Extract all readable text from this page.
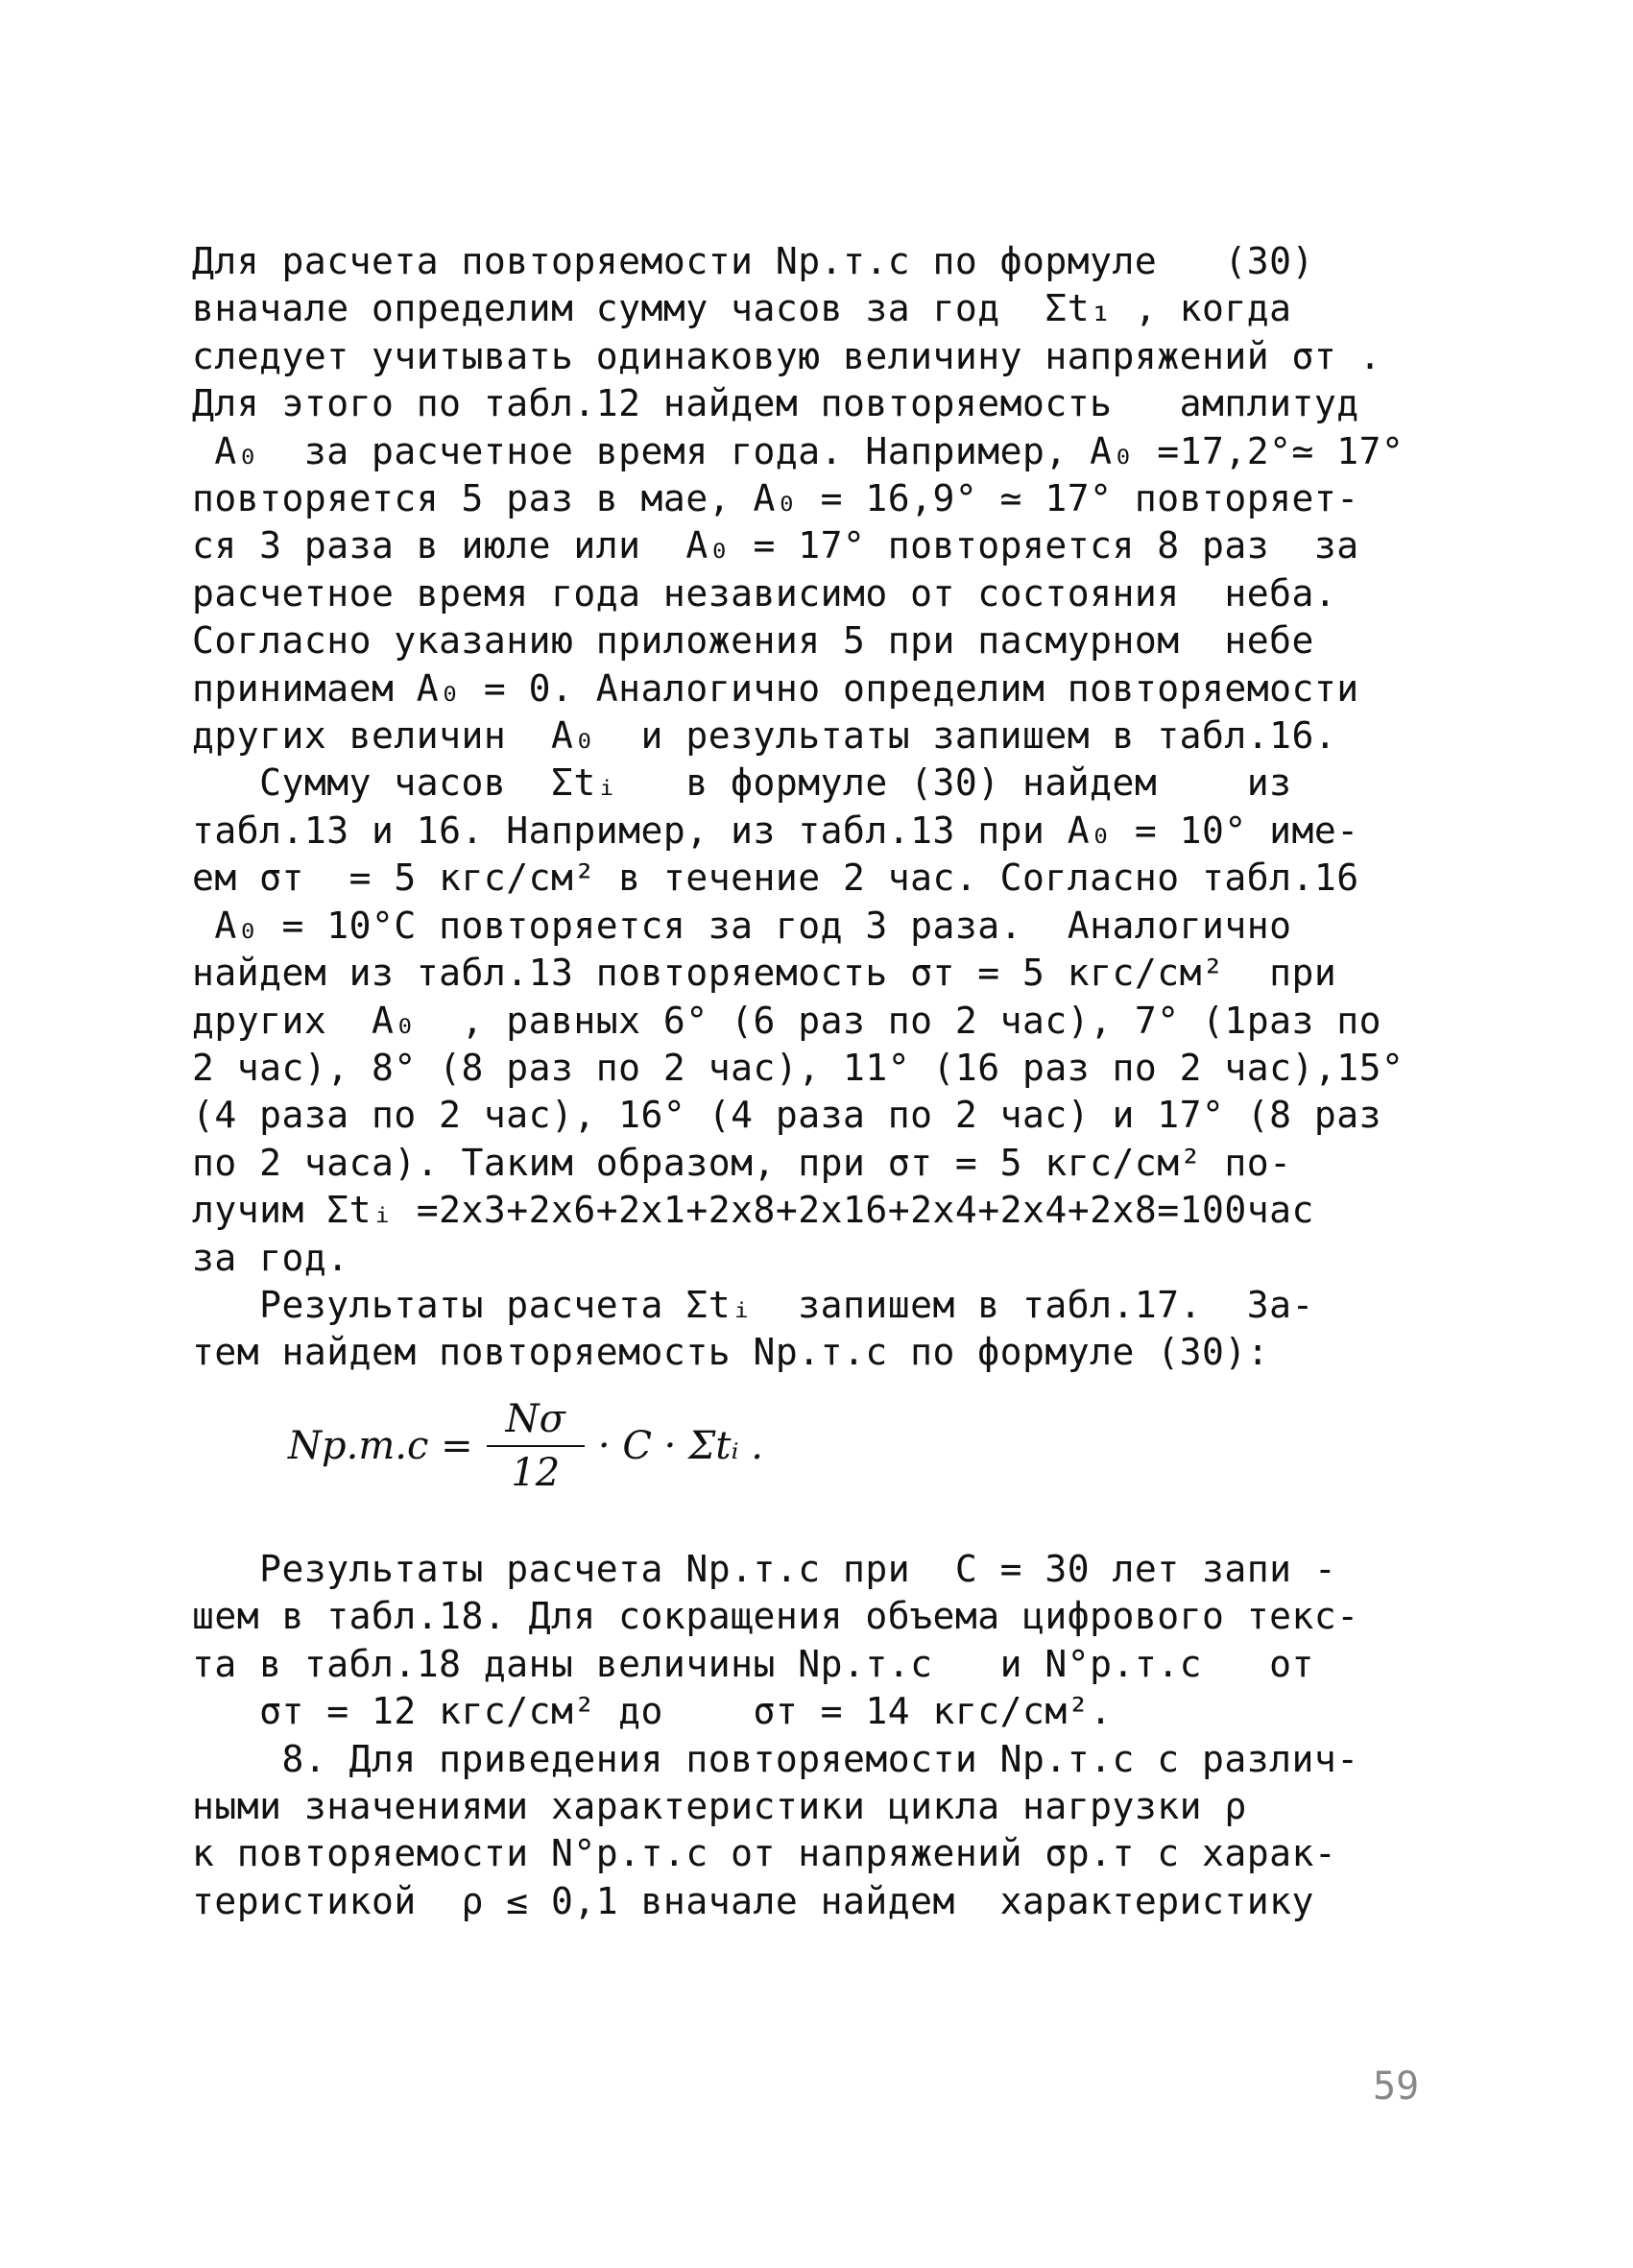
Для расчета повторяемости Nр.т.с по формуле   (30)
вначале определим сумму часов за год  Σt₁ , когда
следует учитывать одинаковую величину напряжений σт .
Для этого по табл.12 найдем повторяемость   амплитуд
A₀  за расчетное время года. Например, A₀ =17,2°≃ 17°
повторяется 5 раз в мае, A₀ = 16,9° ≃ 17° повторяет-
ся 3 раза в июле или  A₀ = 17° повторяется 8 раз  за
расчетное время года независимо от состояния  неба.
Согласно указанию приложения 5 при пасмурном  небе
принимаем A₀ = 0. Аналогично определим повторяемости
других величин  A₀  и результаты запишем в табл.16.
Сумму часов  Σtᵢ   в формуле (30) найдем    из
табл.13 и 16. Например, из табл.13 при A₀ = 10° име-
ем σт  = 5 кгс/см² в течение 2 час. Согласно табл.16
A₀ = 10°С повторяется за год 3 раза.  Аналогично
найдем из табл.13 повторяемость σт = 5 кгс/см²  при
других  A₀  , равных 6° (6 раз по 2 час), 7° (1раз по
2 час), 8° (8 раз по 2 час), 11° (16 раз по 2 час),15°
(4 раза по 2 час), 16° (4 раза по 2 час) и 17° (8 раз
по 2 часа). Таким образом, при σт = 5 кгс/см² по-
лучим Σtᵢ =2x3+2x6+2x1+2x8+2x16+2x4+2x4+2x8=100час
за год.
Результаты расчета Σtᵢ  запишем в табл.17.  За-
тем найдем повторяемость Nр.т.с по формуле (30):
$Nр.т.с = \frac{N\sigma}{12} \cdot C$ · Σtᵢ .
Результаты расчета Nр.т.с при  C = 30 лет запи -
шем в табл.18. Для сокращения объема цифрового текс-
та в табл.18 даны величины Nр.т.с   и N°р.т.с   от
σт = 12 кгс/см² до    σт = 14 кгс/см².
8. Для приведения повторяемости Nр.т.с с различ-
ными значениями характеристики цикла нагрузки ρ
к повторяемости N°р.т.с от напряжений σр.т с харак-
теристикой  ρ ≤ 0,1 вначале найдем  характеристику
59
